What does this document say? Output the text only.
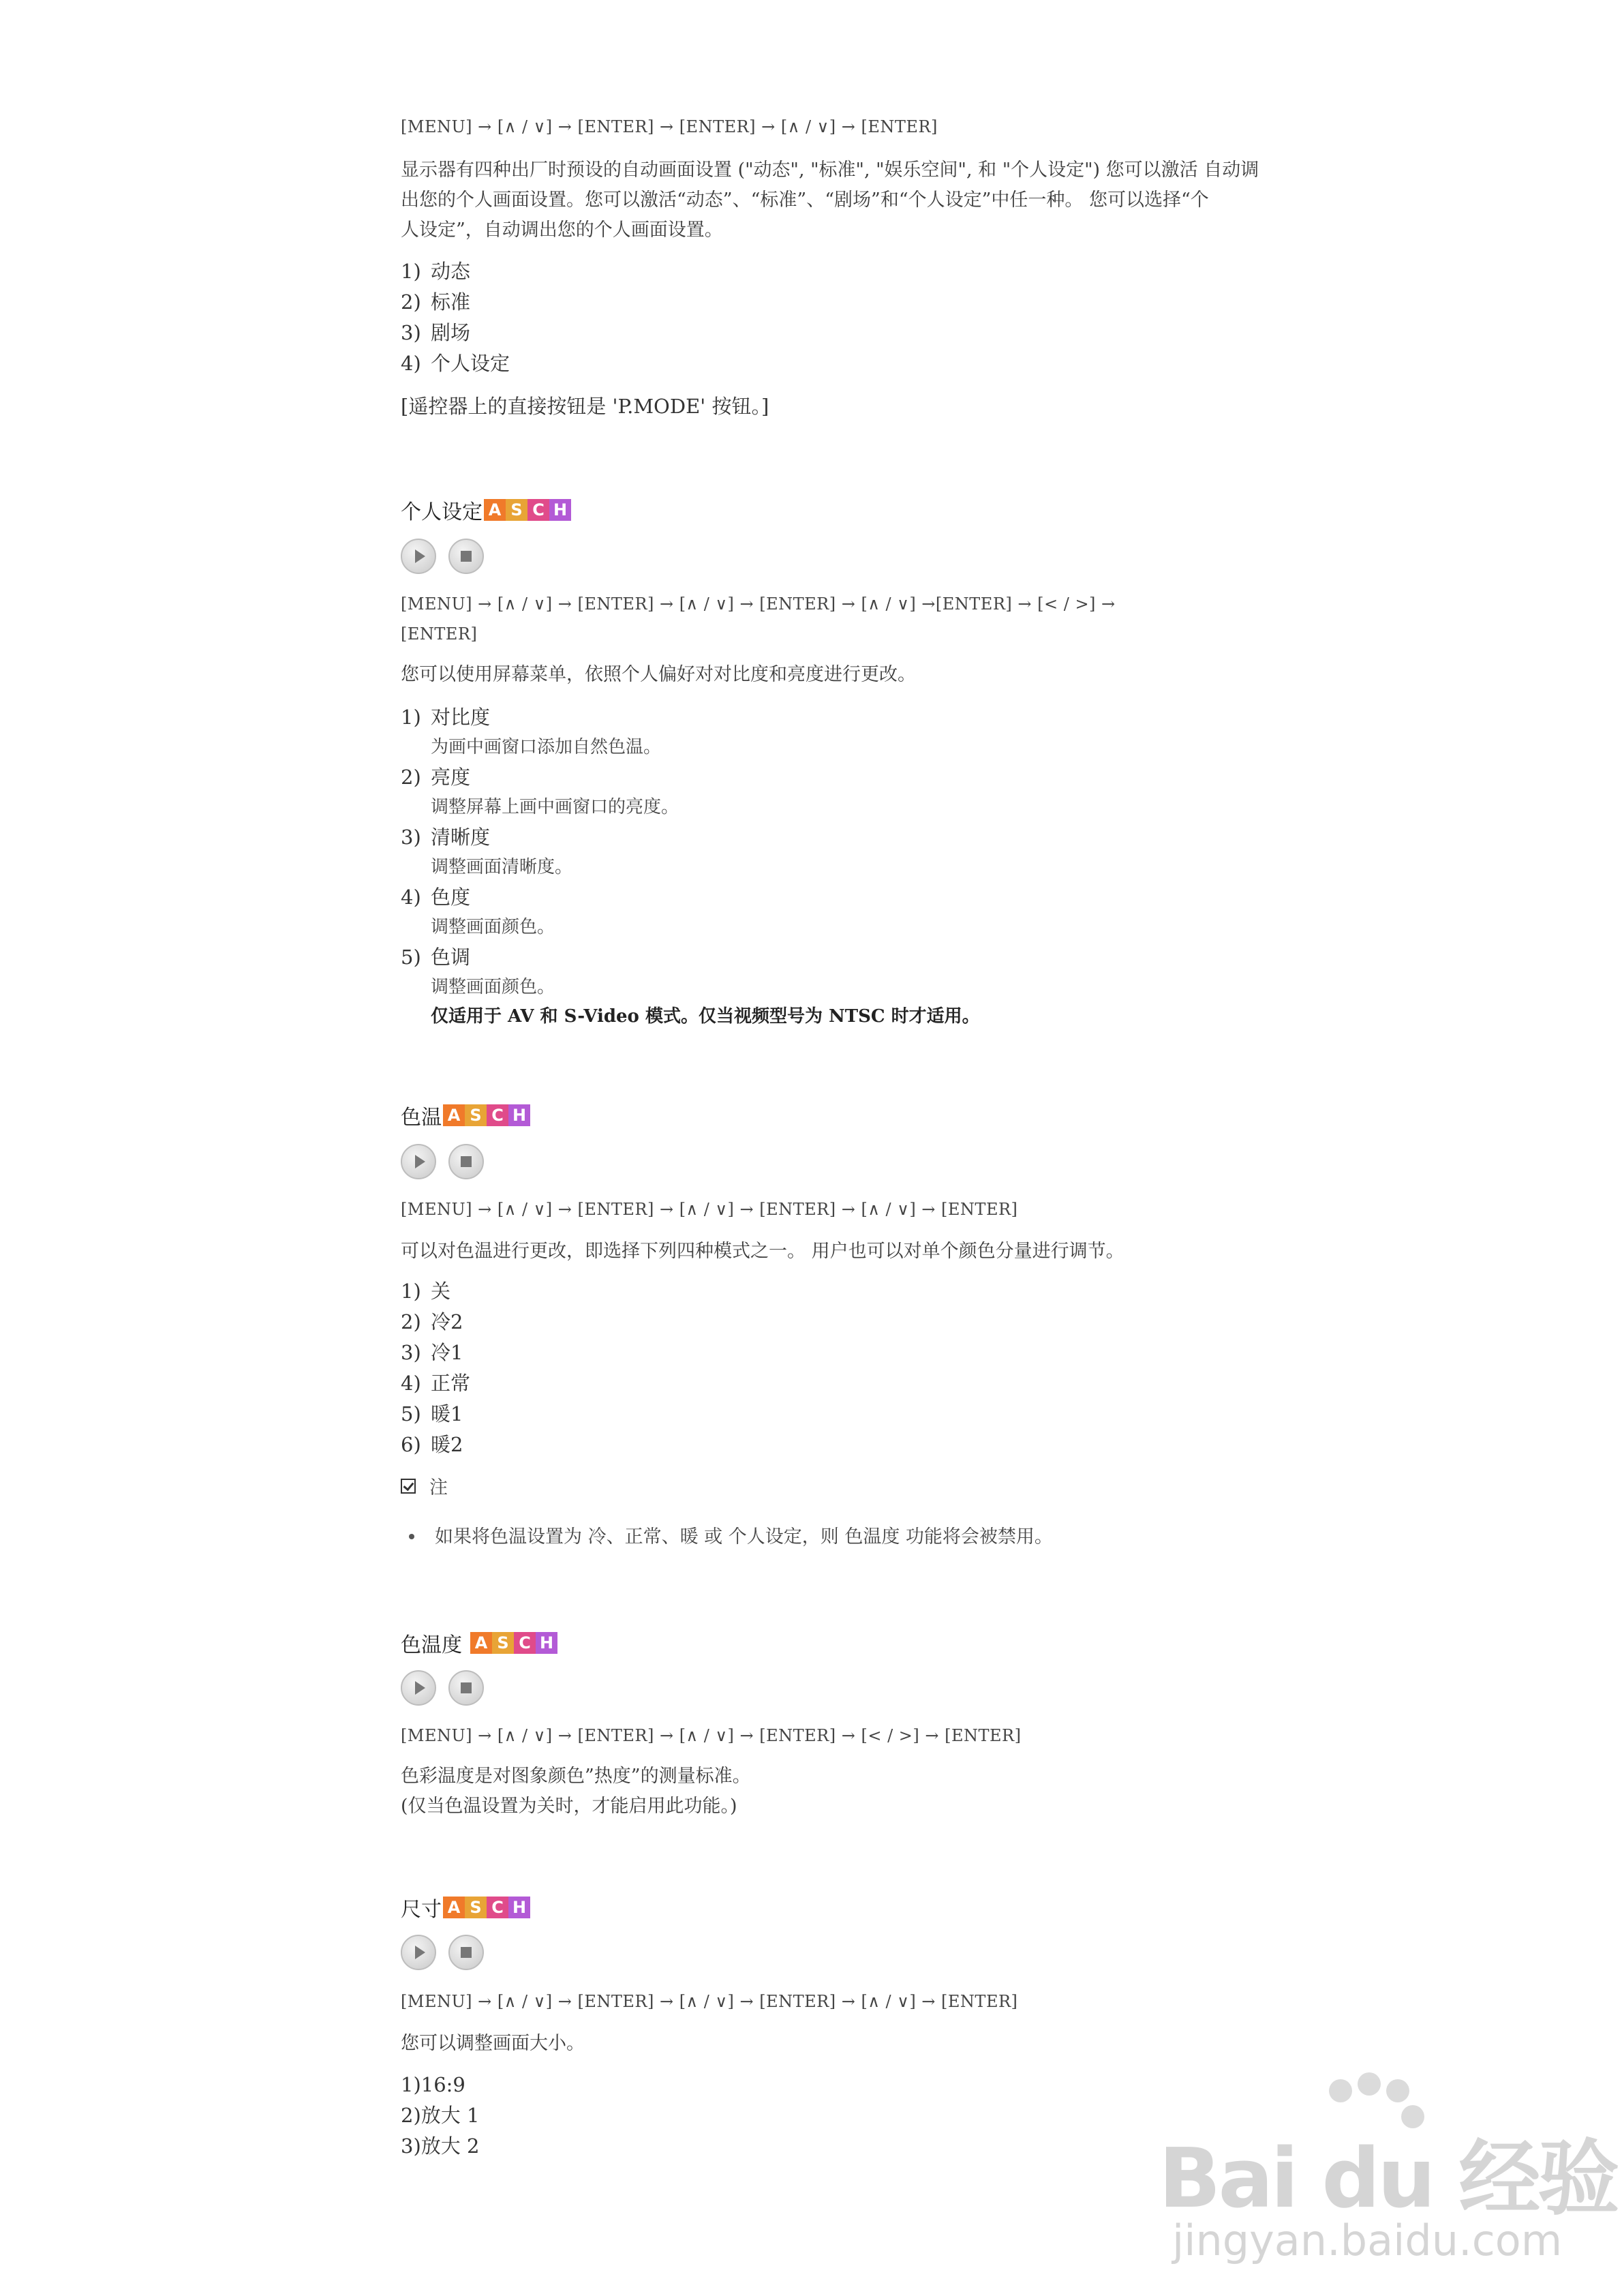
[MENU] → [∧ / ∨] → [ENTER] → [ENTER] → [∧ / ∨] → [ENTER]
显示器有四种出厂时预设的自动画面设置 ("动态", "标准", "娱乐空间", 和 "个人设定") 您可以激活 自动调
出您的个人画面设置。您可以激活“动态”、“标准”、“剧场”和“个人设定”中任一种。 您可以选择“个
人设定”，自动调出您的个人画面设置。
1) 动态
2) 标准
3) 剧场
4) 个人设定
[遥控器上的直接按钮是 'P.MODE' 按钮。]
个人设定 A S C H
[MENU] → [∧ / ∨] → [ENTER] → [∧ / ∨] → [ENTER] → [∧ / ∨] →[ENTER] → [< / >] →
[ENTER]
您可以使用屏幕菜单，依照个人偏好对对比度和亮度进行更改。
1) 对比度
为画中画窗口添加自然色温。
2) 亮度
调整屏幕上画中画窗口的亮度。
3) 清晰度
调整画面清晰度。
4) 色度
调整画面颜色。
5) 色调
调整画面颜色。
仅适用于 AV 和 S-Video 模式。仅当视频型号为 NTSC 时才适用。
色温 A S C H
[MENU] → [∧ / ∨] → [ENTER] → [∧ / ∨] → [ENTER] → [∧ / ∨] → [ENTER]
可以对色温进行更改，即选择下列四种模式之一。 用户也可以对单个颜色分量进行调节。
1) 关
2) 冷2
3) 冷1
4) 正常
5) 暖1
6) 暖2
注
如果将色温设置为 冷、正常、暖 或 个人设定，则 色温度 功能将会被禁用。
色温度 A S C H
[MENU] → [∧ / ∨] → [ENTER] → [∧ / ∨] → [ENTER] → [< / >] → [ENTER]
色彩温度是对图象颜色”热度”的测量标准。
(仅当色温设置为关时，才能启用此功能。)
尺寸 A S C H
[MENU] → [∧ / ∨] → [ENTER] → [∧ / ∨] → [ENTER] → [∧ / ∨] → [ENTER]
您可以调整画面大小。
1)16:9
2)放大 1
3)放大 2	Bai du 经验
jingyan.baidu.com
